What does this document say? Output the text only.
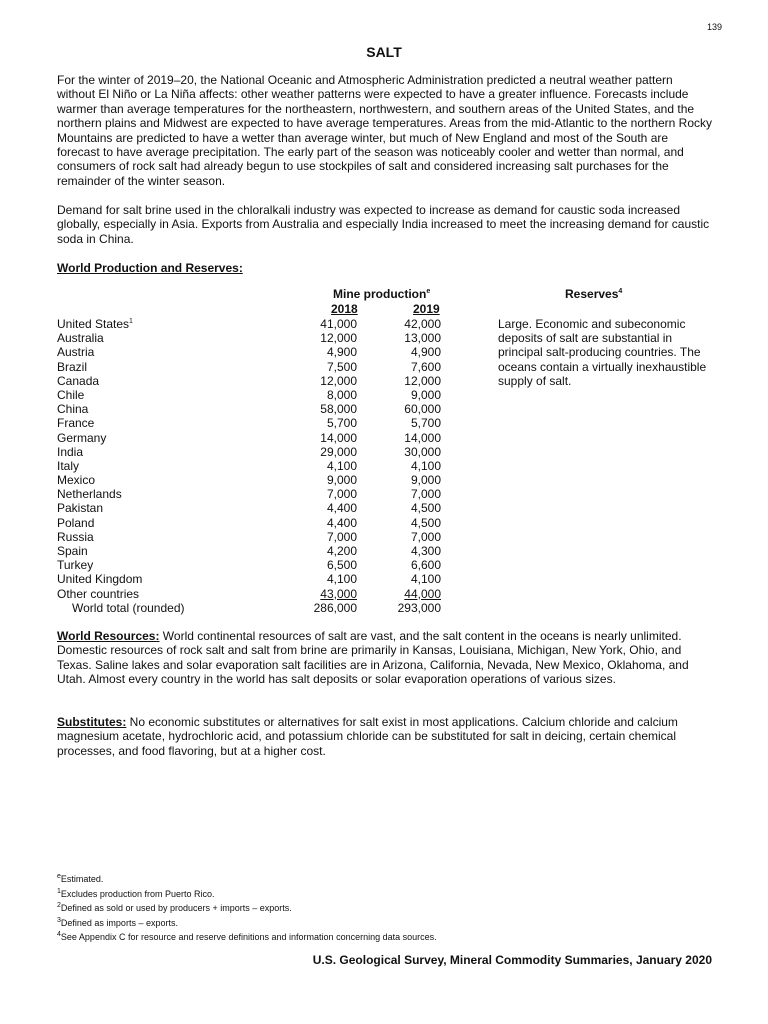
139
SALT

For the winter of 2019–20, the National Oceanic and Atmospheric Administration predicted a neutral weather pattern without El Niño or La Niña affects: other weather patterns were expected to have a greater influence. Forecasts include warmer than average temperatures for the northeastern, northwestern, and southern areas of the United States, and the northern plains and Midwest are expected to have average temperatures. Areas from the mid-Atlantic to the northern Rocky Mountains are predicted to have a wetter than average winter, but much of New England and most of the South are forecast to have average precipitation. The early part of the season was noticeably cooler and wetter than normal, and consumers of rock salt had already begun to use stockpiles of salt and considered increasing salt purchases for the remainder of the winter season.

Demand for salt brine used in the chloralkali industry was expected to increase as demand for caustic soda increased globally, especially in Asia. Exports from Australia and especially India increased to meet the increasing demand for caustic soda in China.

World Production and Reserves:
Mine production$^e$
2018	2019
Reserves$^4$
United States$^1$	41,000	42,000
Australia	12,000	13,000
Austria	4,900	4,900
Brazil	7,500	7,600
Canada	12,000	12,000
Chile	8,000	9,000
China	58,000	60,000
France	5,700	5,700
Germany	14,000	14,000
India	29,000	30,000
Italy	4,100	4,100
Mexico	9,000	9,000
Netherlands	7,000	7,000
Pakistan	4,400	4,500
Poland	4,400	4,500
Russia	7,000	7,000
Spain	4,200	4,300
Turkey	6,500	6,600
United Kingdom	4,100	4,100
Other countries	43,000	44,000
World total (rounded)	286,000	293,000
Large. Economic and subeconomic deposits of salt are substantial in principal salt-producing countries. The oceans contain a virtually inexhaustible supply of salt.

World Resources: World continental resources of salt are vast, and the salt content in the oceans is nearly unlimited. Domestic resources of rock salt and salt from brine are primarily in Kansas, Louisiana, Michigan, New York, Ohio, and Texas. Saline lakes and solar evaporation salt facilities are in Arizona, California, Nevada, New Mexico, Oklahoma, and Utah. Almost every country in the world has salt deposits or solar evaporation operations of various sizes.

Substitutes: No economic substitutes or alternatives for salt exist in most applications. Calcium chloride and calcium magnesium acetate, hydrochloric acid, and potassium chloride can be substituted for salt in deicing, certain chemical processes, and food flavoring, but at a higher cost.

$^e$Estimated.
$^1$Excludes production from Puerto Rico.
$^2$Defined as sold or used by producers + imports – exports.
$^3$Defined as imports – exports.
$^4$See Appendix C for resource and reserve definitions and information concerning data sources.
U.S. Geological Survey, Mineral Commodity Summaries, January 2020
